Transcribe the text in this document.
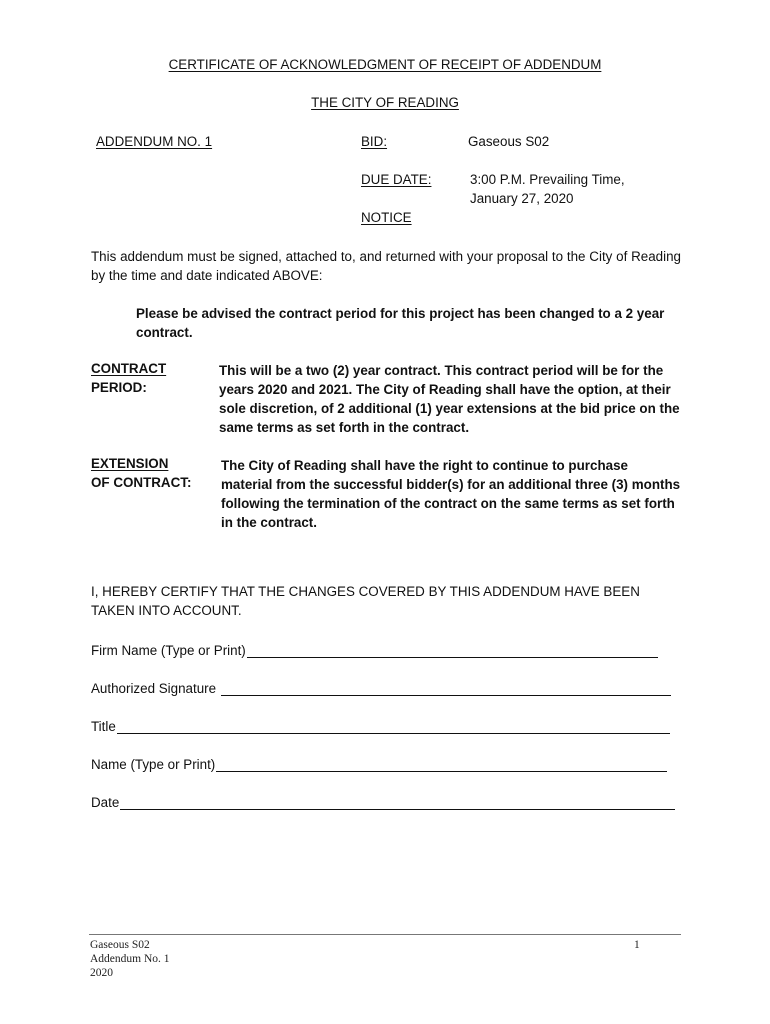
CERTIFICATE OF ACKNOWLEDGMENT OF RECEIPT OF ADDENDUM
THE CITY OF READING
ADDENDUM NO. 1	BID:	Gaseous S02
DUE DATE:	3:00 P.M. Prevailing Time,
January 27, 2020
NOTICE
This addendum must be signed, attached to, and returned with your proposal to the City of Reading by the time and date indicated ABOVE:
Please be advised the contract period for this project has been changed to a 2 year contract.
CONTRACT
PERIOD:
This will be a two (2) year contract. This contract period will be for the years 2020 and 2021. The City of Reading shall have the option, at their sole discretion, of 2 additional (1) year extensions at the bid price on the same terms as set forth in the contract.
EXTENSION
OF CONTRACT:
The City of Reading shall have the right to continue to purchase material from the successful bidder(s) for an additional three (3) months following the termination of the contract on the same terms as set forth in the contract.
I, HEREBY CERTIFY THAT THE CHANGES COVERED BY THIS ADDENDUM HAVE BEEN TAKEN INTO ACCOUNT.
Firm Name (Type or Print)
Authorized Signature
Title
Name (Type or Print)
Date
Gaseous S02
Addendum No. 1
2020
1
